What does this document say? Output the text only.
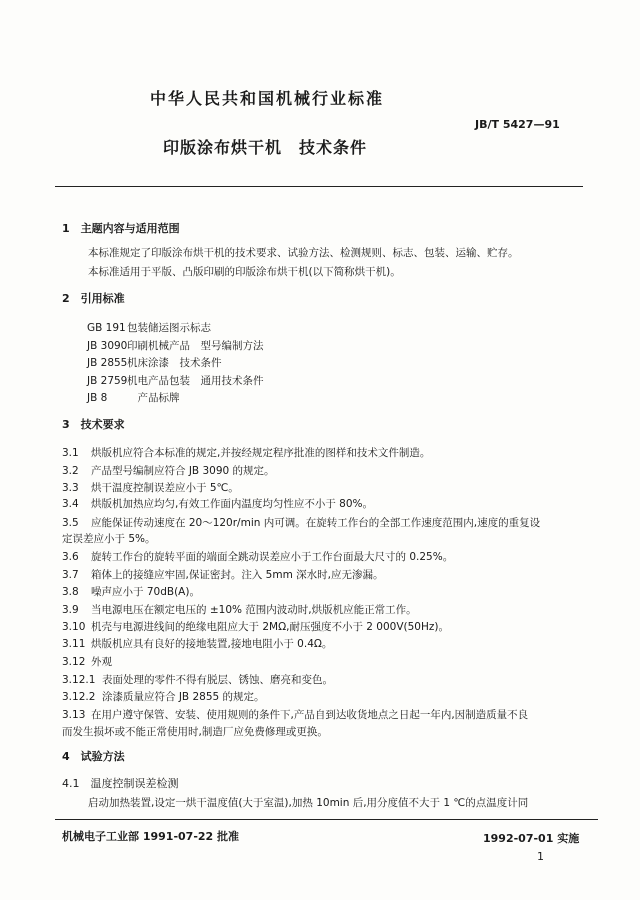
中华人民共和国机械行业标准
JB/T 5427—91
印版涂布烘干机　技术条件
1　主题内容与适用范围
本标准规定了印版涂布烘干机的技术要求、试验方法、检测规则、标志、包装、运输、贮存。
本标准适用于平版、凸版印刷的印版涂布烘干机(以下简称烘干机)。
2　引用标准
GB 191包装储运图示标志
JB 3090印刷机械产品　型号编制方法
JB 2855机床涂漆　技术条件
JB 2759机电产品包装　通用技术条件
JB 8　产品标牌
3　技术要求
3.1 烘版机应符合本标准的规定,并按经规定程序批准的图样和技术文件制造。
3.2 产品型号编制应符合 JB 3090 的规定。
3.3 烘干温度控制误差应小于 5℃。
3.4 烘版机加热应均匀,有效工作面内温度均匀性应不小于 80%。
3.5 应能保证传动速度在 20～120r/min 内可调。在旋转工作台的全部工作速度范围内,速度的重复设
定误差应小于 5%。
3.6 旋转工作台的旋转平面的端面全跳动误差应小于工作台面最大尺寸的 0.25%。
3.7 箱体上的接缝应牢固,保证密封。注入 5mm 深水时,应无渗漏。
3.8 噪声应小于 70dB(A)。
3.9 当电源电压在额定电压的 ±10% 范围内波动时,烘版机应能正常工作。
3.10 机壳与电源进线间的绝缘电阻应大于 2MΩ,耐压强度不小于 2 000V(50Hz)。
3.11 烘版机应具有良好的接地装置,接地电阻小于 0.4Ω。
3.12 外观
3.12.1 表面处理的零件不得有脱层、锈蚀、磨亮和变色。
3.12.2 涂漆质量应符合 JB 2855 的规定。
3.13 在用户遵守保管、安装、使用规则的条件下,产品自到达收货地点之日起一年内,因制造质量不良
而发生损坏或不能正常使用时,制造厂应免费修理或更换。
4　试验方法
4.1　温度控制误差检测
启动加热装置,设定一烘干温度值(大于室温),加热 10min 后,用分度值不大于 1 ℃的点温度计同
机械电子工业部 1991-07-22 批准	1992-07-01 实施
1
